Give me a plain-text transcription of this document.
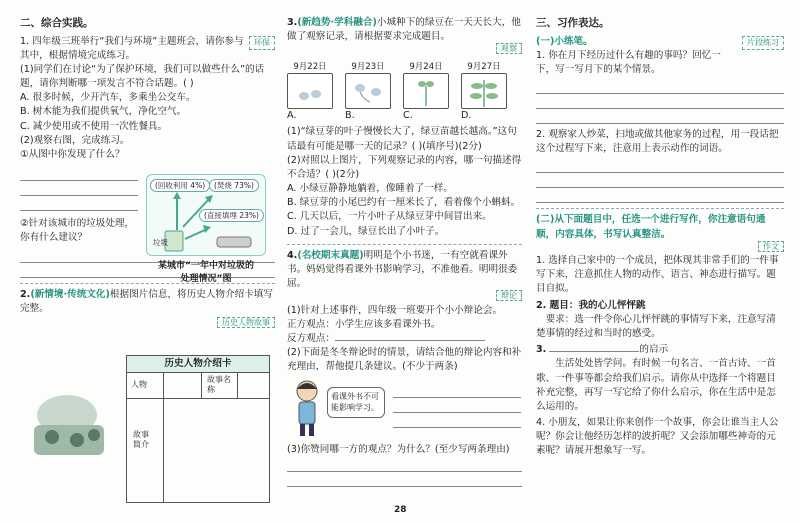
二、综合实践。

环保
1. 四年级三班举行“我们与环境”主题班会，请你参与其中，根据情境完成练习。

(1)同学们在讨论“为了保护环境，我们可以做些什么”的话题，请你判断哪一项发言不符合话题。( )

A. 很多时候，少开汽车，多乘坐公交车。

B. 树木能为我们提供氧气，净化空气。

C. 减少使用或不使用一次性餐具。

(2)观察右图，完成练习。

①从图中你发现了什么？

②针对该城市的垃圾处理，你有什么建议？

2.(新情境·传统文化)根据图片信息，将历史人物介绍卡填写完整。

历史人物故事

(回收利用 4%)	(焚烧 73%)
(直接填埋 23%)
垃圾
某城市“一年中对垃圾的
处理情况”图
历史人物介绍卡
人物
故事名称
故事简介

3.(新趋势·学科融合)小城种下的绿豆在一天天长大，他做了观察记录，请根据要求完成题目。

观察

9月22日
A.
9月23日
B.
9月24日
C.
9月27日
D.

(1)“绿豆芽的叶子慢慢长大了，绿豆苗越长越高。”这句话最有可能是哪一天的记录？( )(填序号)(2分)

(2)对照以上图片，下列观察记录的内容，哪一句描述得不合适？( )(2分)

A. 小绿豆静静地躺着，像睡着了一样。

B. 绿豆芽的小尾巴约有一厘米长了，看着像个小蝌蚪。

C. 几天以后，一片小叶子从绿豆芽中间冒出来。

D. 过了一会儿，绿豆长出了小叶子。

4.(名校期末真题)明明是个小书迷，一有空就看课外书。妈妈觉得看课外书影响学习，不准他看。明明很委屈。

辩论

(1)针对上述事件，四年级一班要开个小小辩论会。

正方观点：小学生应该多看课外书。

反方观点：

(2)下面是冬冬辩论时的情景，请结合他的辩论内容和补充理由，帮他提几条建议。(不少于两条)

看课外书不可能影响学习。

(3)你赞同哪一方的观点？为什么？(至少写两条理由)

三、习作表达。

片段练习
(一)小练笔。

1. 你在月下经历过什么有趣的事吗？回忆一下，写一写月下的某个情景。

2. 观察家人炒菜，扫地或做其他家务的过程，用一段话把这个过程写下来，注意用上表示动作的词语。

(二)从下面题目中，任选一个进行写作，你注意语句通顺，内容具体，书写认真整洁。

作文

1. 选择自己家中的一个成员，把体现其非常手们的一件事写下来，注意抓住人物的动作、语言、神态进行描写。题目自拟。

2. 题目：我的心儿怦怦跳

要求：选一件令你心儿怦怦跳的事情写下来，注意写清楚事情的经过和当时的感受。

3.	的启示

生活处处皆学问。有时候一句名言、一首古诗、一首歌、一件事等都会给我们启示。请你从中选择一个将题目补充完整，再写一写它给了你什么启示，你在生活中是怎么运用的。

4. 小朋友，如果让你来创作一个故事，你会让谁当主人公呢？你会让他经历怎样的波折呢？又会添加哪些神奇的元素呢？请展开想象写一写。

28
